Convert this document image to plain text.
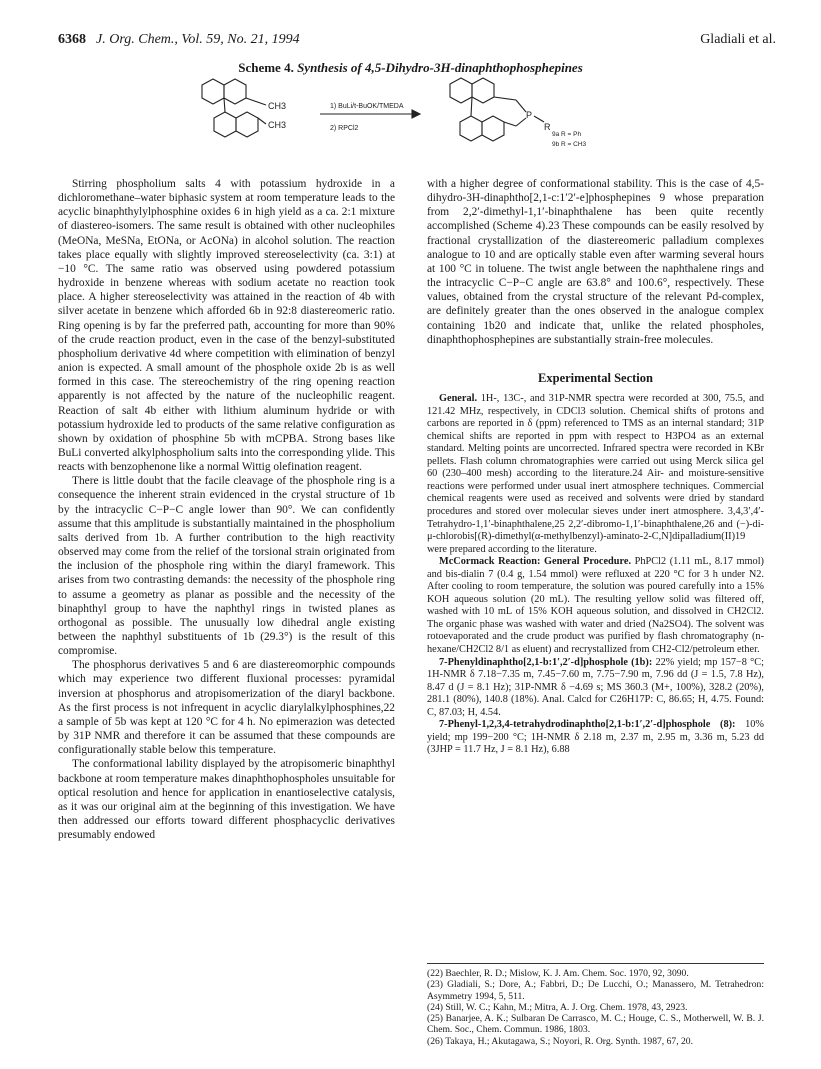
6368 J. Org. Chem., Vol. 59, No. 21, 1994	Gladiali et al.
Scheme 4. Synthesis of 4,5-Dihydro-3H-dinaphthophosphepines
CH3
CH3
1) BuLi/t-BuOK/TMEDA
2) RPCl2
P
R
9a R = Ph
9b R = CH3

Stirring phospholium salts 4 with potassium hydroxide in a dichloromethane–water biphasic system at room temperature leads to the acyclic binaphthylylphosphine oxides 6 in high yield as a ca. 2:1 mixture of diastereo-isomers. The same result is obtained with other nucleophiles (MeONa, MeSNa, EtONa, or AcONa) in alcohol solution. The reaction takes place equally with slightly improved stereoselectivity (ca. 3:1) at −10 °C. The same ratio was observed using powdered potassium hydroxide in benzene whereas with sodium acetate no reaction took place. A higher stereoselectivity was attained in the reaction of 4b with silver acetate in benzene which afforded 6b in 92:8 diastereomeric ratio. Ring opening is by far the preferred path, accounting for more than 90% of the crude reaction product, even in the case of the benzyl-substituted phospholium derivative 4d where competition with elimination of benzyl anion is expected. A small amount of the phosphole oxide 2b is as well formed in this case. The stereochemistry of the ring opening reaction apparently is not affected by the nature of the nucleophilic reagent. Reaction of salt 4b either with lithium aluminum hydride or with potassium hydroxide led to products of the same relative configuration as shown by oxidation of phosphine 5b with mCPBA. Strong bases like BuLi converted alkylphospholium salts into the corresponding ylide. This reacts with benzophenone like a normal Wittig olefination reagent.

There is little doubt that the facile cleavage of the phosphole ring is a consequence the inherent strain evidenced in the crystal structure of 1b by the intracyclic C−P−C angle lower than 90°. We can confidently assume that this amplitude is substantially maintained in the phospholium salts derived from 1b. A further contribution to the high reactivity observed may come from the relief of the torsional strain originated from the inclusion of the phosphole ring within the diaryl framework. This arises from two contrasting demands: the necessity of the phosphole ring to assume a geometry as planar as possible and the necessity of the binaphthyl group to have the naphthyl rings in twisted planes as orthogonal as possible. The unusually low dihedral angle existing between the naphthyl substituents of 1b (29.3°) is the result of this compromise.

The phosphorus derivatives 5 and 6 are diastereomorphic compounds which may experience two different fluxional processes: pyramidal inversion at phosphorus and atropisomerization of the diaryl backbone. As the first process is not infrequent in acyclic diarylalkylphosphines,22 a sample of 5b was kept at 120 °C for 4 h. No epimerazion was detected by 31P NMR and therefore it can be assumed that these compounds are configurationally stable below this temperature.

The conformational lability displayed by the atropisomeric binaphthyl backbone at room temperature makes dinaphthophospholes unsuitable for optical resolution and hence for application in enantioselective catalysis, as it was our original aim at the beginning of this investigation. We have then addressed our efforts toward different phosphacyclic derivatives presumably endowed

with a higher degree of conformational stability. This is the case of 4,5-dihydro-3H-dinaphtho[2,1-c:1′2′-e]phosphepines 9 whose preparation from 2,2′-dimethyl-1,1′-binaphthalene has been quite recently accomplished (Scheme 4).23 These compounds can be easily resolved by fractional crystallization of the diastereomeric palladium complexes analogue to 10 and are optically stable even after warming several hours at 100 °C in toluene. The twist angle between the naphthalene rings and the intracyclic C−P−C angle are 63.8° and 100.6°, respectively. These values, obtained from the crystal structure of the relevant Pd-complex, are definitely greater than the ones observed in the analogue complex containing 1b20 and indicate that, unlike the related phospholes, dinaphthophosphepines are substantially strain-free molecules.

Experimental Section

General. 1H-, 13C-, and 31P-NMR spectra were recorded at 300, 75.5, and 121.42 MHz, respectively, in CDCl3 solution. Chemical shifts of protons and carbons are reported in δ (ppm) referenced to TMS as an internal standard; 31P chemical shifts are reported in ppm with respect to H3PO4 as an external standard. Melting points are uncorrected. Infrared spectra were recorded in KBr pellets. Flash column chromatographies were carried out using Merck silica gel 60 (230–400 mesh) according to the literature.24 Air- and moisture-sensitive reactions were performed under usual inert atmosphere techniques. Commercial chemical reagents were used as received and solvents were dried by standard procedures and stored over molecular sieves under inert atmosphere. 3,4,3′,4′-Tetrahydro-1,1′-binaphthalene,25 2,2′-dibromo-1,1′-binaphthalene,26 and (−)-di-μ-chlorobis[(R)-dimethyl(α-methylbenzyl)-aminato-2-C,N]dipalladium(II)19 were prepared according to the literature.

McCormack Reaction: General Procedure. PhPCl2 (1.11 mL, 8.17 mmol) and bis-dialin 7 (0.4 g, 1.54 mmol) were refluxed at 220 °C for 3 h under N2. After cooling to room temperature, the solution was poured carefully into a 15% KOH aqueous solution (20 mL). The resulting yellow solid was filtered off, washed with 10 mL of 15% KOH aqueous solution, and dissolved in CH2Cl2. The organic phase was washed with water and dried (Na2SO4). The solvent was rotoevaporated and the crude product was purified by flash chromatography (n-hexane/CH2Cl2 8/1 as eluent) and recrystallized from CH2-Cl2/petroleum ether.

7-Phenyldinaphtho[2,1-b:1′,2′-d]phosphole (1b): 22% yield; mp 157−8 °C; 1H-NMR δ 7.18−7.35 m, 7.45−7.60 m, 7.75−7.90 m, 7.96 dd (J = 1.5, 7.8 Hz), 8.47 d (J = 8.1 Hz); 31P-NMR δ −4.69 s; MS 360.3 (M+, 100%), 328.2 (20%), 281.1 (80%), 140.8 (18%). Anal. Calcd for C26H17P: C, 86.65; H, 4.75. Found: C, 87.03; H, 4.54.

7-Phenyl-1,2,3,4-tetrahydrodinaphtho[2,1-b:1′,2′-d]phosphole (8): 10% yield; mp 199−200 °C; 1H-NMR δ 2.18 m, 2.37 m, 2.95 m, 3.36 m, 5.23 dd (3JHP = 11.7 Hz, J = 8.1 Hz), 6.88

(22) Baechler, R. D.; Mislow, K. J. Am. Chem. Soc. 1970, 92, 3090.

(23) Gladiali, S.; Dore, A.; Fabbri, D.; De Lucchi, O.; Manassero, M. Tetrahedron: Asymmetry 1994, 5, 511.

(24) Still, W. C.; Kahn, M.; Mitra, A. J. Org. Chem. 1978, 43, 2923.

(25) Banarjee, A. K.; Sulbaran De Carrasco, M. C.; Houge, C. S., Motherwell, W. B. J. Chem. Soc., Chem. Commun. 1986, 1803.

(26) Takaya, H.; Akutagawa, S.; Noyori, R. Org. Synth. 1987, 67, 20.
